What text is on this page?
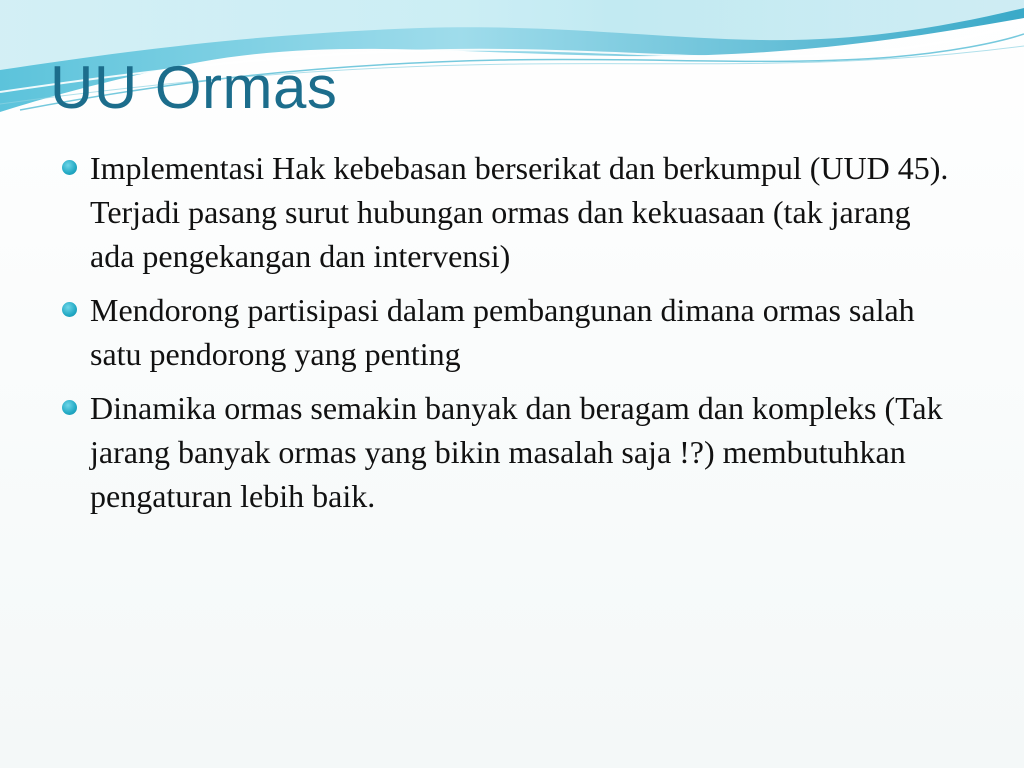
UU Ormas
Implementasi Hak kebebasan berserikat dan berkumpul (UUD 45). Terjadi pasang surut hubungan ormas dan kekuasaan (tak jarang ada pengekangan dan intervensi)
Mendorong partisipasi dalam pembangunan dimana ormas salah satu pendorong yang penting
Dinamika ormas semakin banyak dan beragam dan kompleks (Tak jarang banyak ormas yang bikin masalah saja !?) membutuhkan pengaturan lebih baik.
